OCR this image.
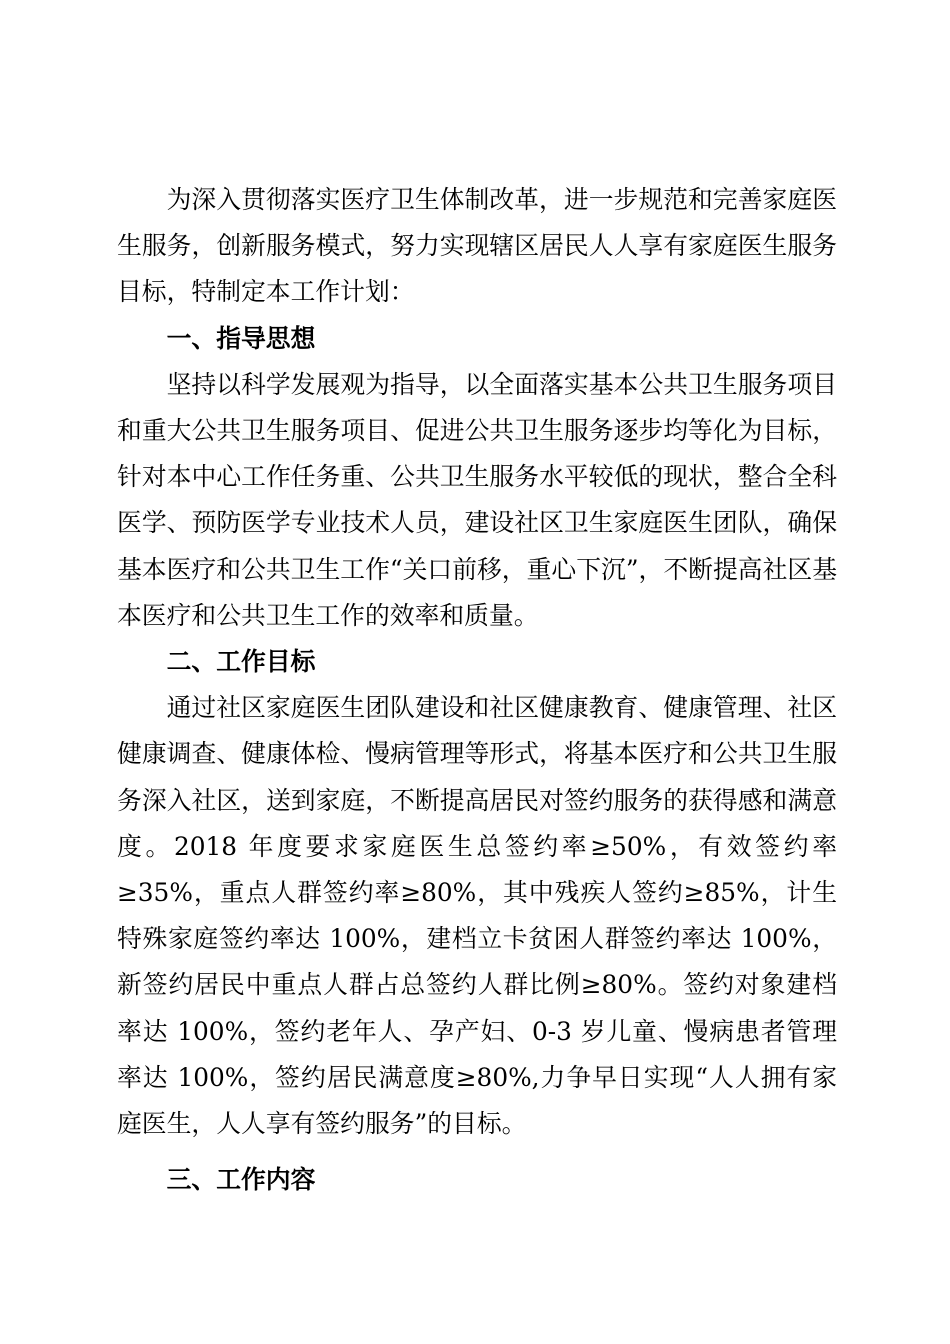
为深入贯彻落实医疗卫生体制改革，进一步规范和完善家庭医生服务，创新服务模式，努力实现辖区居民人人享有家庭医生服务目标，特制定本工作计划：

一、指导思想

坚持以科学发展观为指导，以全面落实基本公共卫生服务项目和重大公共卫生服务项目、促进公共卫生服务逐步均等化为目标，针对本中心工作任务重、公共卫生服务水平较低的现状，整合全科医学、预防医学专业技术人员，建设社区卫生家庭医生团队，确保基本医疗和公共卫生工作“关口前移，重心下沉”，不断提高社区基本医疗和公共卫生工作的效率和质量。

二、工作目标

通过社区家庭医生团队建设和社区健康教育、健康管理、社区健康调查、健康体检、慢病管理等形式，将基本医疗和公共卫生服务深入社区，送到家庭，不断提高居民对签约服务的获得感和满意度。2018 年度要求家庭医生总签约率≥50%，有效签约率≥35%，重点人群签约率≥80%，其中残疾人签约≥85%，计生特殊家庭签约率达 100%，建档立卡贫困人群签约率达 100%，新签约居民中重点人群占总签约人群比例≥80%。签约对象建档率达 100%，签约老年人、孕产妇、0-3 岁儿童、慢病患者管理率达 100%，签约居民满意度≥80%,力争早日实现“人人拥有家庭医生，人人享有签约服务”的目标。

三、工作内容
